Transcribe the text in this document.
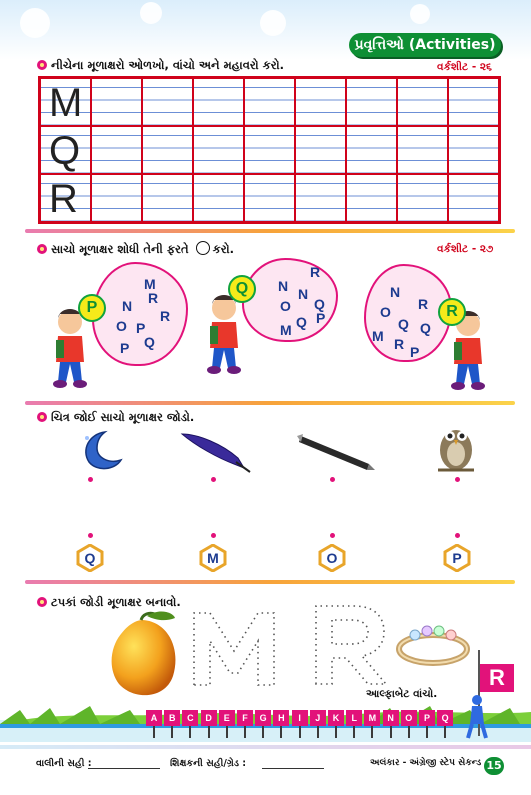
પ્રવૃત્તિઓ (Activities)
નીચેના મૂળાક્ષરો ઓળખો, વાંચો અને મહાવરો કરો.	વર્કશીટ - ૨૬
M
Q
R
સાચો મૂળાક્ષર શોધી તેની ફરતે કરો.	વર્કશીટ - ૨૭
M
N R
P
O
R
Q
P
P
R
N N
O Q
M Q P
Q	N
R
O
Q Q
M R P
R
ચિત્ર જોઈ સાચો મૂળાક્ષર જોડો.
Q	M	O	P
ટપકાં જોડી મૂળાક્ષર બનાવો.
આલ્ફાબેટ વાંચો.
R
A	B	C	D	E	F	G	H	I	J	K	L	M	N	O	P	Q
વાલીની સહી :	શિક્ષકની સહી/ગ્રેડ :	અલંકાર - અંગ્રેજી સ્ટેપ સેકન્ડ 15
